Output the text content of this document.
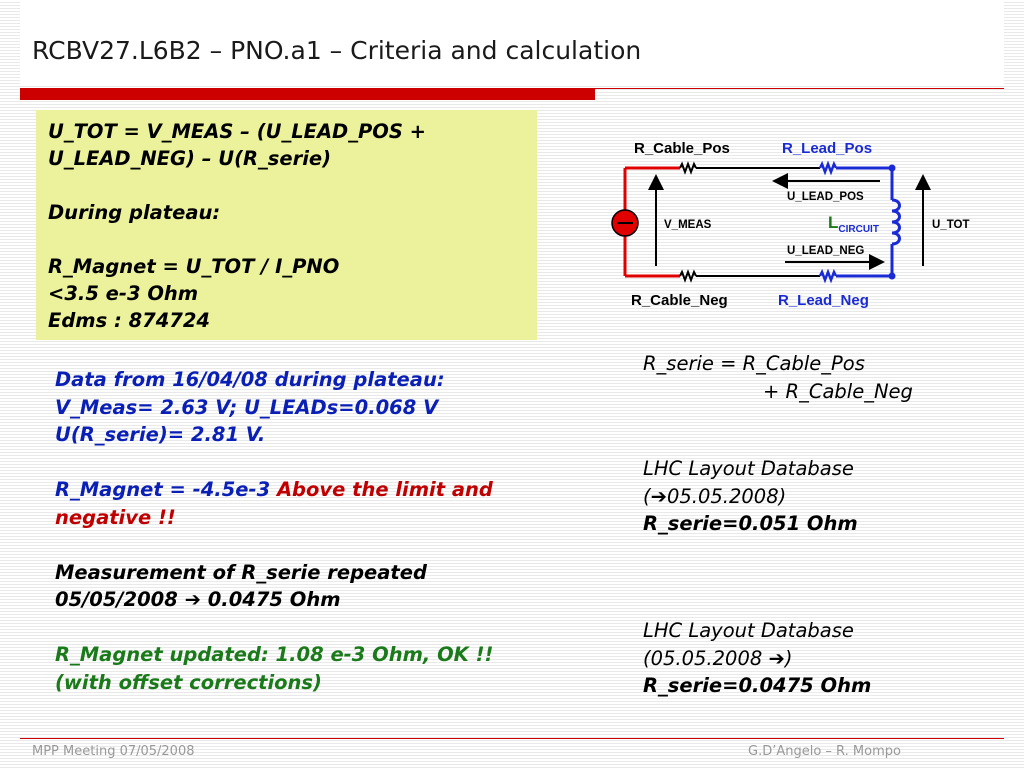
RCBV27.L6B2 – PNO.a1 – Criteria and calculation

U_TOT = V_MEAS – (U_LEAD_POS +

U_LEAD_NEG) – U(R_serie)

During plateau:

R_Magnet = U_TOT / I_PNO

<3.5 e-3 Ohm

Edms : 874724

R_Cable_Pos	R_Lead_Pos
R_Cable_Neg	R_Lead_Neg
U_LEAD_POS
U_LEAD_NEG
V_MEAS	U_TOT
$L_{CIRCUIT}$

Data from 16/04/08 during plateau:

V_Meas= 2.63 V; U_LEADs=0.068 V

U(R_serie)= 2.81 V.

R_Magnet = -4.5e-3 Above the limit and

negative !!

Measurement of R_serie repeated

05/05/2008 ➔ 0.0475 Ohm

R_Magnet updated: 1.08 e-3 Ohm, OK !!

(with offset corrections)

R_serie = R_Cable_Pos

+ R_Cable_Neg

LHC Layout Database

(➔05.05.2008)

R_serie=0.051 Ohm

LHC Layout Database

(05.05.2008 ➔)

R_serie=0.0475 Ohm

MPP Meeting 07/05/2008	G.D’Angelo – R. Mompo
